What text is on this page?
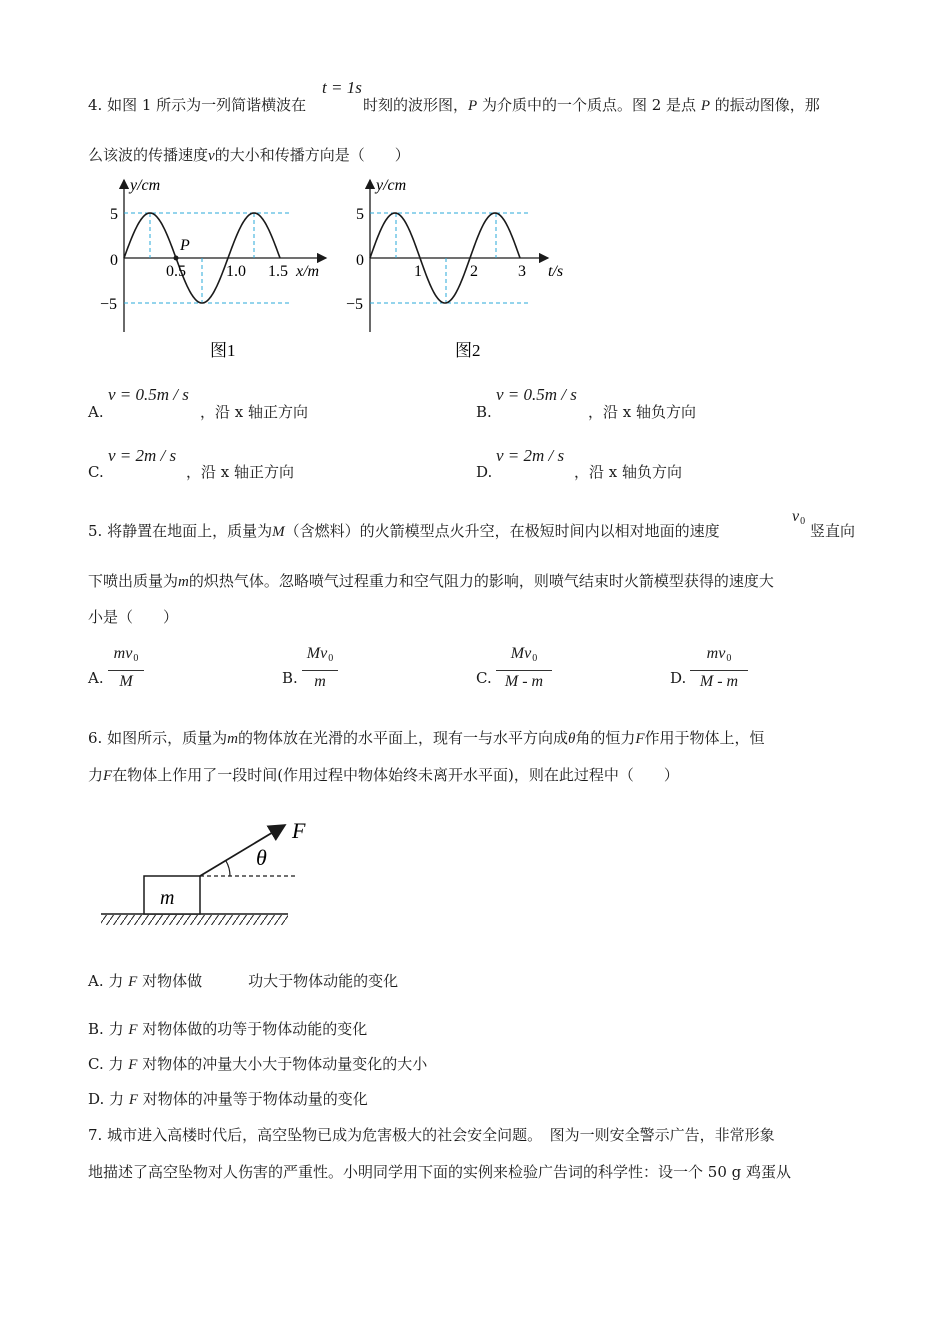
4. 如图 1 所示为一列简谐横波在
t = 1s
时刻的波形图，P 为介质中的一个质点。图 2 是点 P 的振动图像，那
么该波的传播速度v的大小和传播方向是（　　）
P
y/cm
5
0
−5
0.5	1.0 1.5 x/m
图1
y/cm
5
0
−5
1	2	3 t/s
图2
A.
v = 0.5m / s
，沿 x 轴正方向	B.
v = 0.5m / s
，沿 x 轴负方向
C.
v = 2m / s
，沿 x 轴正方向	D.
v = 2m / s
，沿 x 轴负方向
5. 将静置在地面上，质量为M（含燃料）的火箭模型点火升空，在极短时间内以相对地面的速度
$v_0$
竖直向
下喷出质量为m的炽热气体。忽略喷气过程重力和空气阻力的影响，则喷气结束时火箭模型获得的速度大
小是（　　）
A.
$mv_0$
M	B.
$Mv_0$
m	C.
$Mv_0$
M - m	D.
$mv_0$
M - m
6. 如图所示，质量为m的物体放在光滑的水平面上，现有一与水平方向成θ角的恒力F作用于物体上，恒
力F在物体上作用了一段时间(作用过程中物体始终未离开水平面)，则在此过程中（　　）
m
θ
F
A. 力 F 对物体做	功大于物体动能的变化
B. 力 F 对物体做的功等于物体动能的变化
C. 力 F 对物体的冲量大小大于物体动量变化的大小
D. 力 F 对物体的冲量等于物体动量的变化
7. 城市进入高楼时代后，高空坠物已成为危害极大的社会安全问题。　图为一则安全警示广告，非常形象
地描述了高空坠物对人伤害的严重性。小明同学用下面的实例来检验广告词的科学性：设一个 50 g 鸡蛋从
